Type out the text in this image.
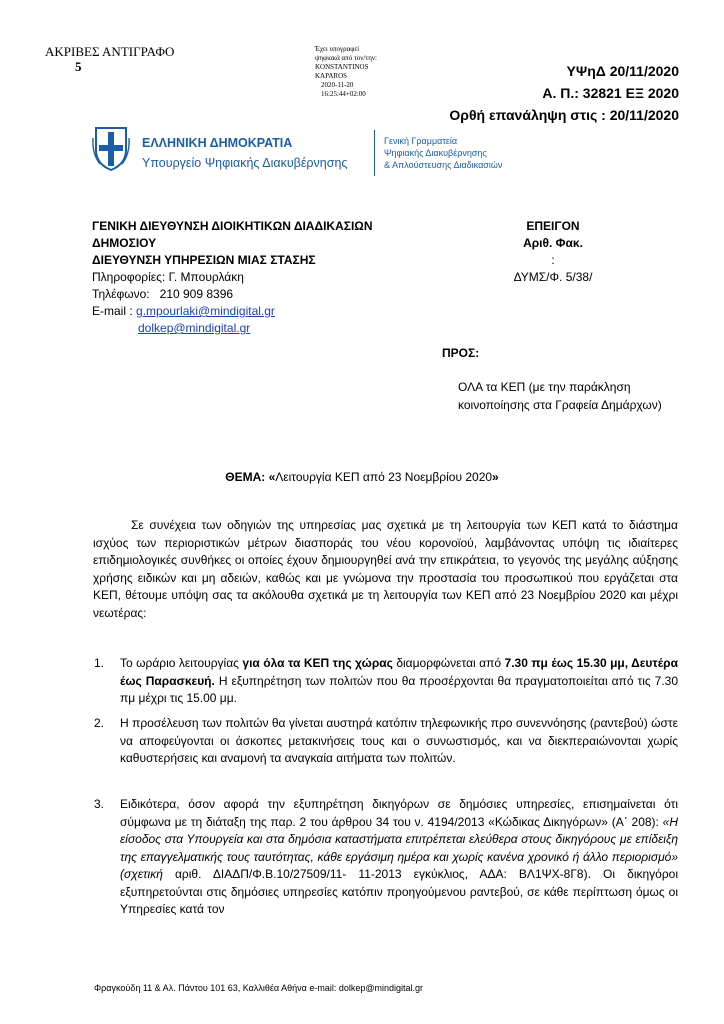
ΑΚΡΙΒΕΣ ΑΝΤΙΓΡΑΦΟ
5
Έχει υπογραφεί
ψηφιακά από τον/την:
KONSTANTINOS
KAPAROS
2020-11-20
16:25:44+02:00
ΥΨηΔ 20/11/2020
Α. Π.: 32821 ΕΞ 2020
Ορθή επανάληψη στις : 20/11/2020
ΕΛΛΗΝΙΚΗ ΔΗΜΟΚΡΑΤΙΑ
Υπουργείο Ψηφιακής Διακυβέρνησης
Γενική Γραμματεία
Ψηφιακής Διακυβέρνησης
& Απλούστευσης Διαδικασιών
ΓΕΝΙΚΗ ΔΙΕΥΘΥΝΣΗ ΔΙΟΙΚΗΤΙΚΩΝ ΔΙΑΔΙΚΑΣΙΩΝ
ΔΗΜΟΣΙΟΥ
ΔΙΕΥΘΥΝΣΗ ΥΠΗΡΕΣΙΩΝ ΜΙΑΣ ΣΤΑΣΗΣ
Πληροφορίες: Γ. Μπουρλάκη
Τηλέφωνο: 210 909 8396
E-mail : g.mpourlaki@mindigital.gr
dolkep@mindigital.gr
ΕΠΕΙΓΟΝ
Αριθ. Φακ.
:
ΔΥΜΣ/Φ. 5/38/
ΠΡΟΣ:
ΟΛΑ τα ΚΕΠ (με την παράκληση κοινοποίησης στα Γραφεία Δημάρχων)
ΘΕΜΑ: «Λειτουργία ΚΕΠ από 23 Νοεμβρίου 2020»
Σε συνέχεια των οδηγιών της υπηρεσίας μας σχετικά με τη λειτουργία των ΚΕΠ κατά το διάστημα ισχύος των περιοριστικών μέτρων διασποράς του νέου κορονοϊού, λαμβάνοντας υπόψη τις ιδιαίτερες επιδημιολογικές συνθήκες οι οποίες έχουν δημιουργηθεί ανά την επικράτεια, το γεγονός της μεγάλης αύξησης χρήσης ειδικών και μη αδειών, καθώς και με γνώμονα την προστασία του προσωπικού που εργάζεται στα ΚΕΠ, θέτουμε υπόψη σας τα ακόλουθα σχετικά με τη λειτουργία των ΚΕΠ από 23 Νοεμβρίου 2020 και μέχρι νεωτέρας:
1.	Το ωράριο λειτουργίας για όλα τα ΚΕΠ της χώρας διαμορφώνεται από 7.30 πμ έως 15.30 μμ, Δευτέρα έως Παρασκευή. Η εξυπηρέτηση των πολιτών που θα προσέρχονται θα πραγματοποιείται από τις 7.30 πμ μέχρι τις 15.00 μμ.
2.	Η προσέλευση των πολιτών θα γίνεται αυστηρά κατόπιν τηλεφωνικής προ συνεννόησης (ραντεβού) ώστε να αποφεύγονται οι άσκοπες μετακινήσεις τους και ο συνωστισμός, και να διεκπεραιώνονται χωρίς καθυστερήσεις και αναμονή τα αναγκαία αιτήματα των πολιτών.
3.	Ειδικότερα, όσον αφορά την εξυπηρέτηση δικηγόρων σε δημόσιες υπηρεσίες, επισημαίνεται ότι σύμφωνα με τη διάταξη της παρ. 2 του άρθρου 34 του ν. 4194/2013 «Κώδικας Δικηγόρων» (Α΄ 208): «Η είσοδος στα Υπουργεία και στα δημόσια καταστήματα επιτρέπεται ελεύθερα στους δικηγόρους με επίδειξη της επαγγελματικής τους ταυτότητας, κάθε εργάσιμη ημέρα και χωρίς κανένα χρονικό ή άλλο περιορισμό» (σχετική αριθ. ΔΙΑΔΠ/Φ.Β.10/27509/11- 11-2013 εγκύκλιος, ΑΔΑ: ΒΛ1ΨΧ-8Γ8). Οι δικηγόροι εξυπηρετούνται στις δημόσιες υπηρεσίες κατόπιν προηγούμενου ραντεβού, σε κάθε περίπτωση όμως οι Υπηρεσίες κατά τον
Φραγκούδη 11 & Αλ. Πάντου 101 63, Καλλιθέα Αθήνα e-mail: dolkep@mindigital.gr
